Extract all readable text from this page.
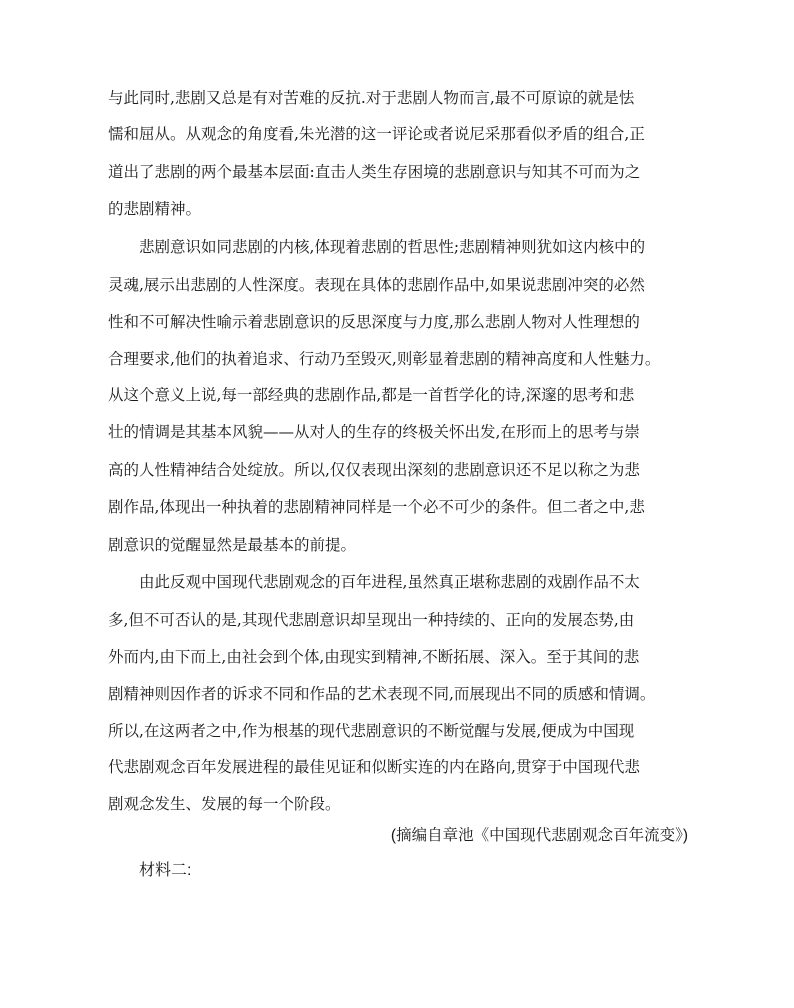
与此同时,悲剧又总是有对苦难的反抗.对于悲剧人物而言,最不可原谅的就是怯
懦和屈从。从观念的角度看,朱光潜的这一评论或者说尼采那看似矛盾的组合,正
道出了悲剧的两个最基本层面:直击人类生存困境的悲剧意识与知其不可而为之
的悲剧精神。
悲剧意识如同悲剧的内核,体现着悲剧的哲思性;悲剧精神则犹如这内核中的
灵魂,展示出悲剧的人性深度。表现在具体的悲剧作品中,如果说悲剧冲突的必然
性和不可解决性喻示着悲剧意识的反思深度与力度,那么悲剧人物对人性理想的
合理要求,他们的执着追求、行动乃至毁灭,则彰显着悲剧的精神高度和人性魅力。
从这个意义上说,每一部经典的悲剧作品,都是一首哲学化的诗,深邃的思考和悲
壮的情调是其基本风貌——从对人的生存的终极关怀出发,在形而上的思考与崇
高的人性精神结合处绽放。所以,仅仅表现出深刻的悲剧意识还不足以称之为悲
剧作品,体现出一种执着的悲剧精神同样是一个必不可少的条件。但二者之中,悲
剧意识的觉醒显然是最基本的前提。
由此反观中国现代悲剧观念的百年进程,虽然真正堪称悲剧的戏剧作品不太
多,但不可否认的是,其现代悲剧意识却呈现出一种持续的、正向的发展态势,由
外而内,由下而上,由社会到个体,由现实到精神,不断拓展、深入。至于其间的悲
剧精神则因作者的诉求不同和作品的艺术表现不同,而展现出不同的质感和情调。
所以,在这两者之中,作为根基的现代悲剧意识的不断觉醒与发展,便成为中国现
代悲剧观念百年发展进程的最佳见证和似断实连的内在路向,贯穿于中国现代悲
剧观念发生、发展的每一个阶段。
(摘编自章池《中国现代悲剧观念百年流变》)
材料二:
